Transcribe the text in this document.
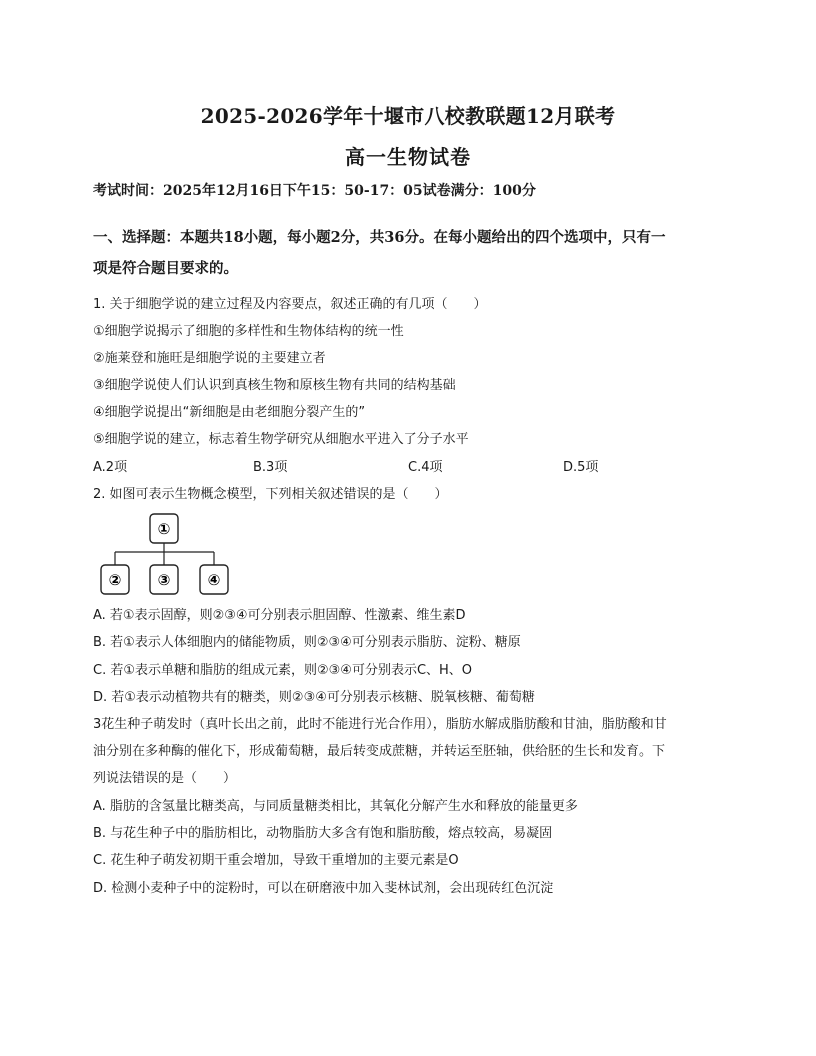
2025-2026学年十堰市八校教联题12月联考
高一生物试卷
考试时间：2025年12月16日下午15：50-17：05试卷满分：100分
一、选择题：本题共18小题，每小题2分，共36分。在每小题给出的四个选项中，只有一
项是符合题目要求的。
1. 关于细胞学说的建立过程及内容要点，叙述正确的有几项（　　）
①细胞学说揭示了细胞的多样性和生物体结构的统一性
②施莱登和施旺是细胞学说的主要建立者
③细胞学说使人们认识到真核生物和原核生物有共同的结构基础
④细胞学说提出“新细胞是由老细胞分裂产生的”
⑤细胞学说的建立，标志着生物学研究从细胞水平进入了分子水平
A.2项	B.3项	C.4项	D.5项
2. 如图可表示生物概念模型，下列相关叙述错误的是（　　）
①
② ③ ④
A. 若①表示固醇，则②③④可分别表示胆固醇、性激素、维生素D
B. 若①表示人体细胞内的储能物质，则②③④可分别表示脂肪、淀粉、糖原
C. 若①表示单糖和脂肪的组成元素，则②③④可分别表示C、H、O
D. 若①表示动植物共有的糖类，则②③④可分别表示核糖、脱氧核糖、葡萄糖
3花生种子萌发时（真叶长出之前，此时不能进行光合作用），脂肪水解成脂肪酸和甘油，脂肪酸和甘
油分别在多种酶的催化下，形成葡萄糖，最后转变成蔗糖，并转运至胚轴，供给胚的生长和发育。下
列说法错误的是（　　）
A. 脂肪的含氢量比糖类高，与同质量糖类相比，其氧化分解产生水和释放的能量更多
B. 与花生种子中的脂肪相比，动物脂肪大多含有饱和脂肪酸，熔点较高，易凝固
C. 花生种子萌发初期干重会增加，导致干重增加的主要元素是O
D. 检测小麦种子中的淀粉时，可以在研磨液中加入斐林试剂，会出现砖红色沉淀
